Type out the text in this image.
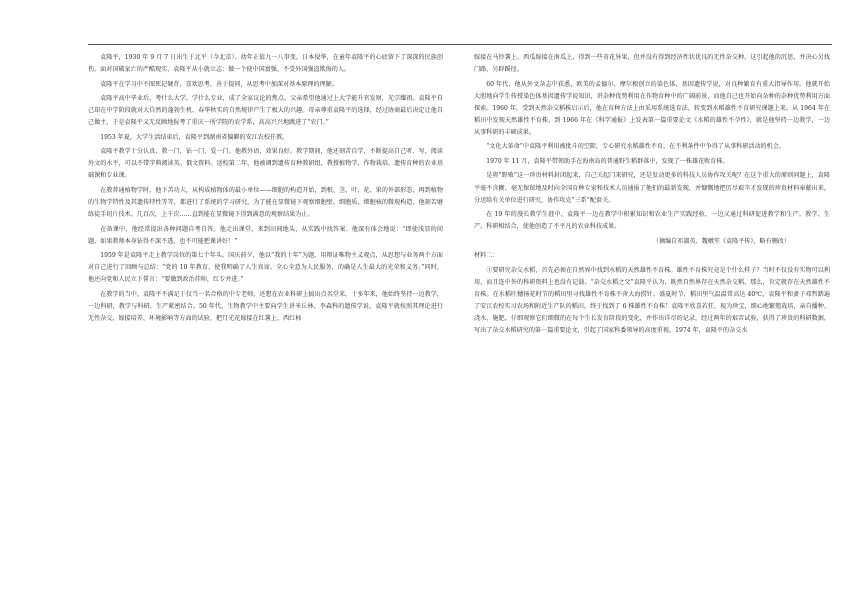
袁隆平，1930 年 9 月 7 日出生于北平（今北京）。幼年正值九一八事变，日本侵华，在童年袁隆平的心底留下了深深的民族创伤。面对国破家亡的严酷现实，袁隆平从小就立志：做一个使中国富强、不受外国强盗欺侮的人。

袁隆平在学习中不图死记硬背，喜欢思考，善于提问，从思考中加深对基本原理的理解。

袁隆平高中毕业后，考什么大学，学什么专业，成了全家议论的焦点。父亲希望他通过上大学能升官发财，光宗耀祖。袁隆平自己却在中学阶段就对大自然的蓬勃生机、春华秋实的自然规律产生了极大的兴趣。母亲尊重袁隆平的选择，经过协商最后决定让他自己做主，于是袁隆平义无反顾地报考了重庆一所学院的农学系，高高兴兴地跳进了“农门。”

1953 年夏，大学生活结束后，袁隆平到湖南省偏僻的安江农校任教。

袁隆平教学十分认真，教一门，钻一门，爱一门。他教外语，效果良好。教学期间，他还刻苦自学，不断提高自己听、写、阅读外文的水平，可以不带字典阅读英、俄文资料。送校第二年，他被调到遗传育种教研组，教授植物学、作物栽培、遗传育种的农业基础课和专业课。

在教普通植物学时，他下苦功夫，从构成植物体的最小单位——细胞的构造开始，到根、茎、叶、花、果的外部形态，再到植物的生物学特性及其遗传特性等等，都进行了系统的学习研究。为了能在显微镜下观察细胞壁、细胞质、细胞核的微观构造，他刻苦磨练徒手切片技术。几百次，上千次……直到能在显微镜下得到满意的观察结果为止。

在备课中，他经常提出各种问题自考自答。他走出课堂，来到田间地头，从实践中找答案。他深有体会地说：“即使浅显的问题，如果教师本身钻得不深不透，也不可能把课讲好！”

1959 年是袁隆平走上教学岗位的第七个年头。国庆前夕，他以“我的十年”为题，用辩证唯物主义观点，从思想与业务两个方面对自己进行了回顾与总结：“党的 10 年教育，使我明确了人生真谛。全心全意为人民服务，的确是人生最大的光荣和义务。”同时，他还向党和人民立下誓言：“要做到政治挂帅，红专并进。”

在教学的当中，袁隆平不满足于仅当一名合格的中专老师，还想在农业科研上搞出点名堂来。十多年来，他始终坚持一边教学，一边科研，教学与科研、生产紧密结合。50 年代，生物教学中主要向学生讲米丘林、李森科的遗传学说，袁隆平就按照其理论进行无性杂交、嫁接培养、环境影响等方面的试验，把月光花嫁接在红薯上、西红柿

嫁接在马铃薯上、西瓜嫁接在南瓜上，得到一些奇花异果，但并没有得到经济性状优良的无性杂交种。这引起他的沉思，并决心另找门路，另辟蹊径。

60 年代，他从外文杂志中获悉，欧美的孟德尔、摩尔根创立的染色体、基因遗传学说，对良种繁育有重大指导作用。他就开始大胆地向学生传授染色体基因遗传学说知识，讲杂种优势利用在作物育种中的广阔前景，而他自己也开始向杂种的杂种优势利用方面探索。1960 年，受到天然杂交稻株启示后，他在育种方法上由采用系统选育法，转变到水稻雄性不育研究课题上来。从 1964 年在稻田中发现天然雄性不育株，到 1966 年在《科学通报》上发表第一篇重要论文《水稻的雄性不孕性》，就是他坚持一边教学，一边从事科研的丰硕成果。

“文化大革命”中袁隆平利用被批斗的空隙，专心研究水稻雄性不育，在不利条件中争得了从事科研活动的机会。

1970 年 11 月，袁隆平带领助手在海南岛的普通野生稻群落中，发现了一株雄花败育株。

是将“野败”这一珍贵材料封闭起来，自己关起门来研究，还是发动更多的科技人员协作攻关呢？在这个重大的原则问题上，袁隆平毫不含糊、毫无保留地及时向全国育种专家和技术人员通报了他们的最新发现，并慷慨地把历尽艰辛才发现的珍贵材料奉献出来，分送给有关单位进行研究，协作攻克“三系”配套关。

在 19 年的漫长教学生涯中，袁隆平一边在教学中积累知识和农业生产实践经验，一边又通过科研促进教学和生产。教学、生产、科研相结合，使他创造了不平凡的农业科技成果。

（摘编自祁淑英、魏暾笙《袁隆平传》，略有删改）

材料二：

①要研究杂交水稻，首先必须在自然界中找到水稻的天然雄性不育株。雄性不育株究竟是个什么样子？当时不仅没有实物可以利用，而且连中外的科研资料上也没有记载。“杂交水稻之父”袁隆平认为，既然自然界存在天然杂交稻，那么，肯定就存在天然雄性不育株。在水稻吐穗扬花时节的稻田里寻找雄性不育株不啻大海捞针。盛夏时节，稻田里气温温常高达 40℃，袁隆平和妻子邓哲踏遍了安江农校实习农场和附近生产队的稻田，终于找到了 6 株雄性不育株！袁隆平欣喜若狂，视为珍宝，细心地繁殖栽培，亲自播种、浇水、施肥，仔细观察它们细微的在每个生长发育阶段的变化，并作出详尽的记录，经过两年的艰苦试验，获得了珍贵的科研数据，写出了杂交水稻研究的第一篇重要论文，引起了国家科委领导的高度重视。1974 年，袁隆平的杂交水
